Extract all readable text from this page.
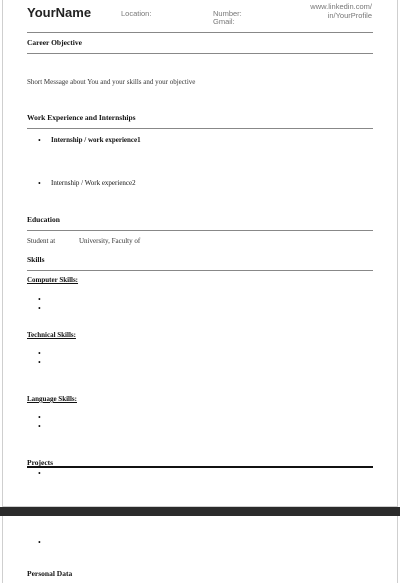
YourName	Location:	Number:
Gmail:
www.linkedin.com/
in/YourProfile
Career Objective
Short Message about You and your skills and your objective
Work Experience and Internships
• Internship / work experience1
• Internship / Work experience2
Education
Student at	University, Faculty of
Skills
Computer Skills:
•
•
Technical Skills:
•
•
Language Skills:
•
•
Projects
•
•
Personal Data
